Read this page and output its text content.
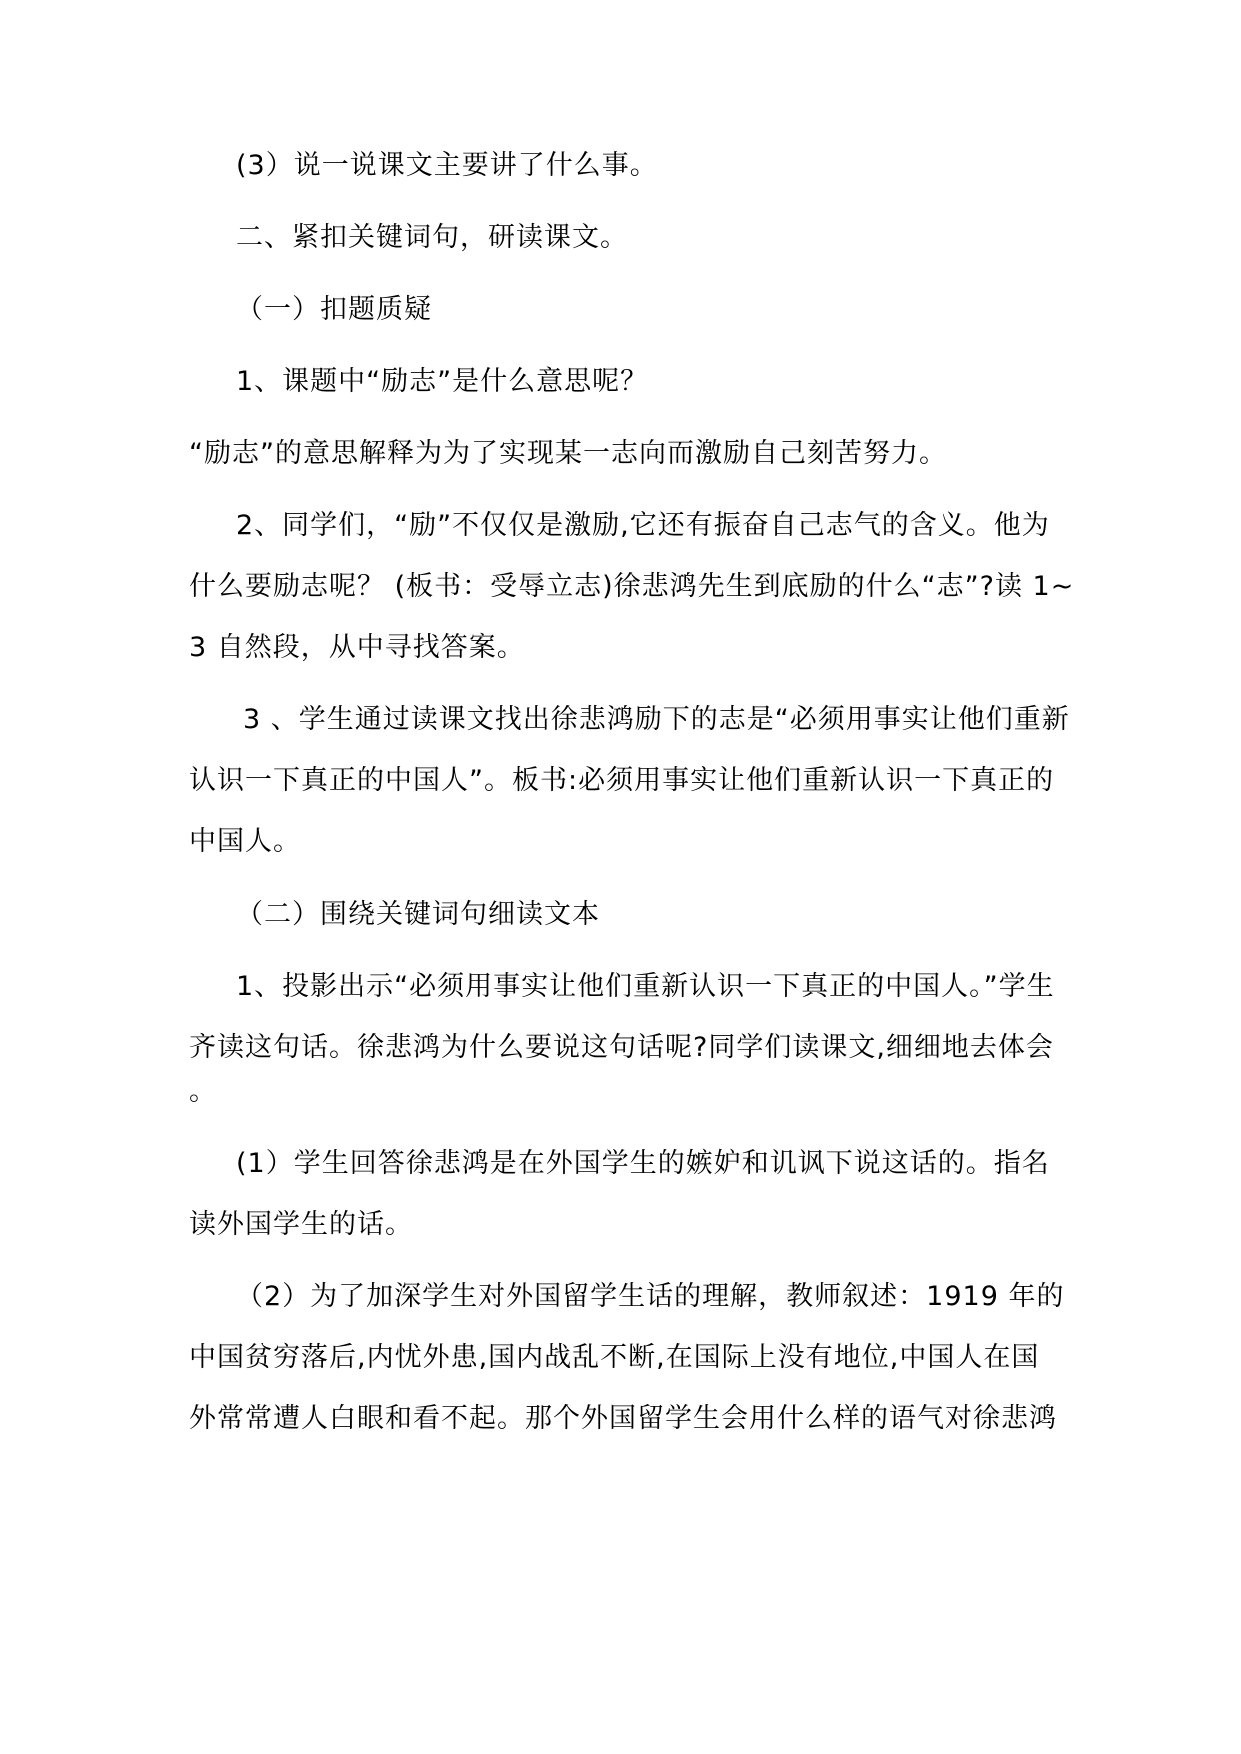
(3）说一说课文主要讲了什么事。
二、紧扣关键词句，研读课文。
（一）扣题质疑
1、课题中“励志”是什么意思呢？
“励志”的意思解释为为了实现某一志向而激励自己刻苦努力。
2、同学们，“励”不仅仅是激励,它还有振奋自己志气的含义。他为
什么要励志呢？ (板书：受辱立志)徐悲鸿先生到底励的什么“志”?读 1~
3 自然段，从中寻找答案。
3 、学生通过读课文找出徐悲鸿励下的志是“必须用事实让他们重新
认识一下真正的中国人”。板书:必须用事实让他们重新认识一下真正的
中国人。
（二）围绕关键词句细读文本
1、投影出示“必须用事实让他们重新认识一下真正的中国人。”学生
齐读这句话。徐悲鸿为什么要说这句话呢?同学们读课文,细细地去体会
。
(1）学生回答徐悲鸿是在外国学生的嫉妒和讥讽下说这话的。指名
读外国学生的话。
（2）为了加深学生对外国留学生话的理解，教师叙述：1919 年的
中国贫穷落后,内忧外患,国内战乱不断,在国际上没有地位,中国人在国
外常常遭人白眼和看不起。那个外国留学生会用什么样的语气对徐悲鸿
